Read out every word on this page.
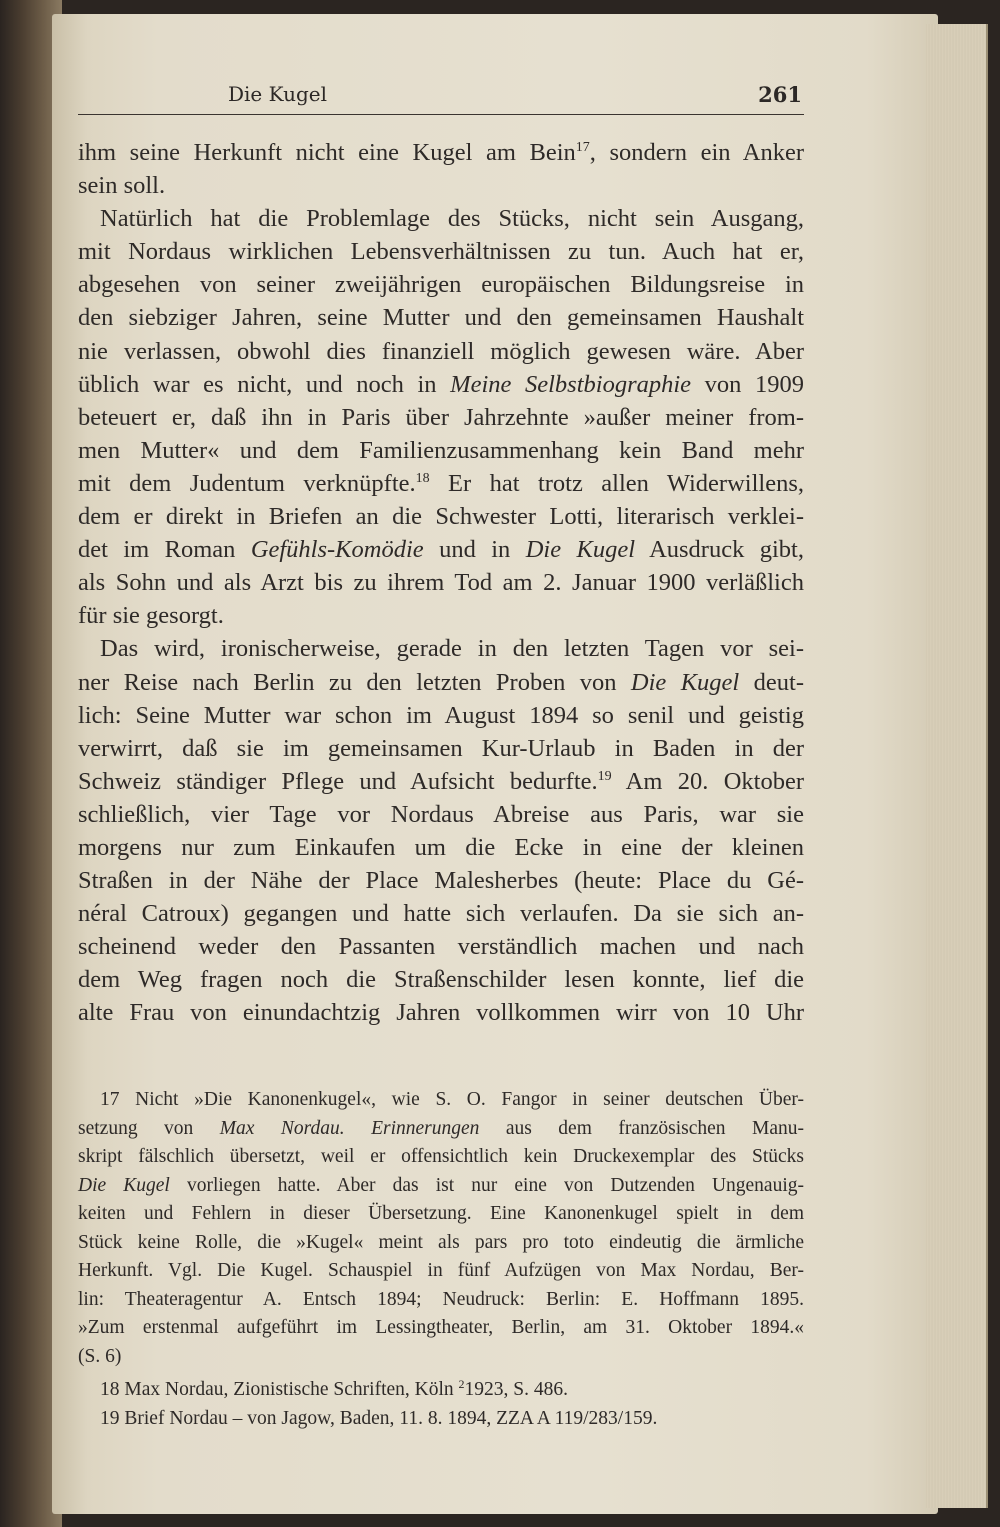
Die Kugel	261
ihm seine Herkunft nicht eine Kugel am Bein$^{17}$, sondern ein Anker
sein soll.
Natürlich hat die Problemlage des Stücks, nicht sein Ausgang,
mit Nordaus wirklichen Lebensverhältnissen zu tun. Auch hat er,
abgesehen von seiner zweijährigen europäischen Bildungsreise in
den siebziger Jahren, seine Mutter und den gemeinsamen Haushalt
nie verlassen, obwohl dies finanziell möglich gewesen wäre. Aber
üblich war es nicht, und noch in Meine Selbstbiographie von 1909
beteuert er, daß ihn in Paris über Jahrzehnte »außer meiner from-
men Mutter« und dem Familienzusammenhang kein Band mehr
mit dem Judentum verknüpfte.$^{18}$ Er hat trotz allen Widerwillens,
dem er direkt in Briefen an die Schwester Lotti, literarisch verklei-
det im Roman Gefühls-Komödie und in Die Kugel Ausdruck gibt,
als Sohn und als Arzt bis zu ihrem Tod am 2. Januar 1900 verläßlich
für sie gesorgt.
Das wird, ironischerweise, gerade in den letzten Tagen vor sei-
ner Reise nach Berlin zu den letzten Proben von Die Kugel deut-
lich: Seine Mutter war schon im August 1894 so senil und geistig
verwirrt, daß sie im gemeinsamen Kur-Urlaub in Baden in der
Schweiz ständiger Pflege und Aufsicht bedurfte.$^{19}$ Am 20. Oktober
schließlich, vier Tage vor Nordaus Abreise aus Paris, war sie
morgens nur zum Einkaufen um die Ecke in eine der kleinen
Straßen in der Nähe der Place Malesherbes (heute: Place du Gé-
néral Catroux) gegangen und hatte sich verlaufen. Da sie sich an-
scheinend weder den Passanten verständlich machen und nach
dem Weg fragen noch die Straßenschilder lesen konnte, lief die
alte Frau von einundachtzig Jahren vollkommen wirr von 10 Uhr
17 Nicht »Die Kanonenkugel«, wie S. O. Fangor in seiner deutschen Über-
setzung von Max Nordau. Erinnerungen aus dem französischen Manu-
skript fälschlich übersetzt, weil er offensichtlich kein Druckexemplar des Stücks
Die Kugel vorliegen hatte. Aber das ist nur eine von Dutzenden Ungenauig-
keiten und Fehlern in dieser Übersetzung. Eine Kanonenkugel spielt in dem
Stück keine Rolle, die »Kugel« meint als pars pro toto eindeutig die ärmliche
Herkunft. Vgl. Die Kugel. Schauspiel in fünf Aufzügen von Max Nordau, Ber-
lin: Theateragentur A. Entsch 1894; Neudruck: Berlin: E. Hoffmann 1895.
»Zum erstenmal aufgeführt im Lessingtheater, Berlin, am 31. Oktober 1894.«
(S. 6)
18 Max Nordau, Zionistische Schriften, Köln $^2$1923, S. 486.
19 Brief Nordau – von Jagow, Baden, 11. 8. 1894, ZZA A 119/283/159.
